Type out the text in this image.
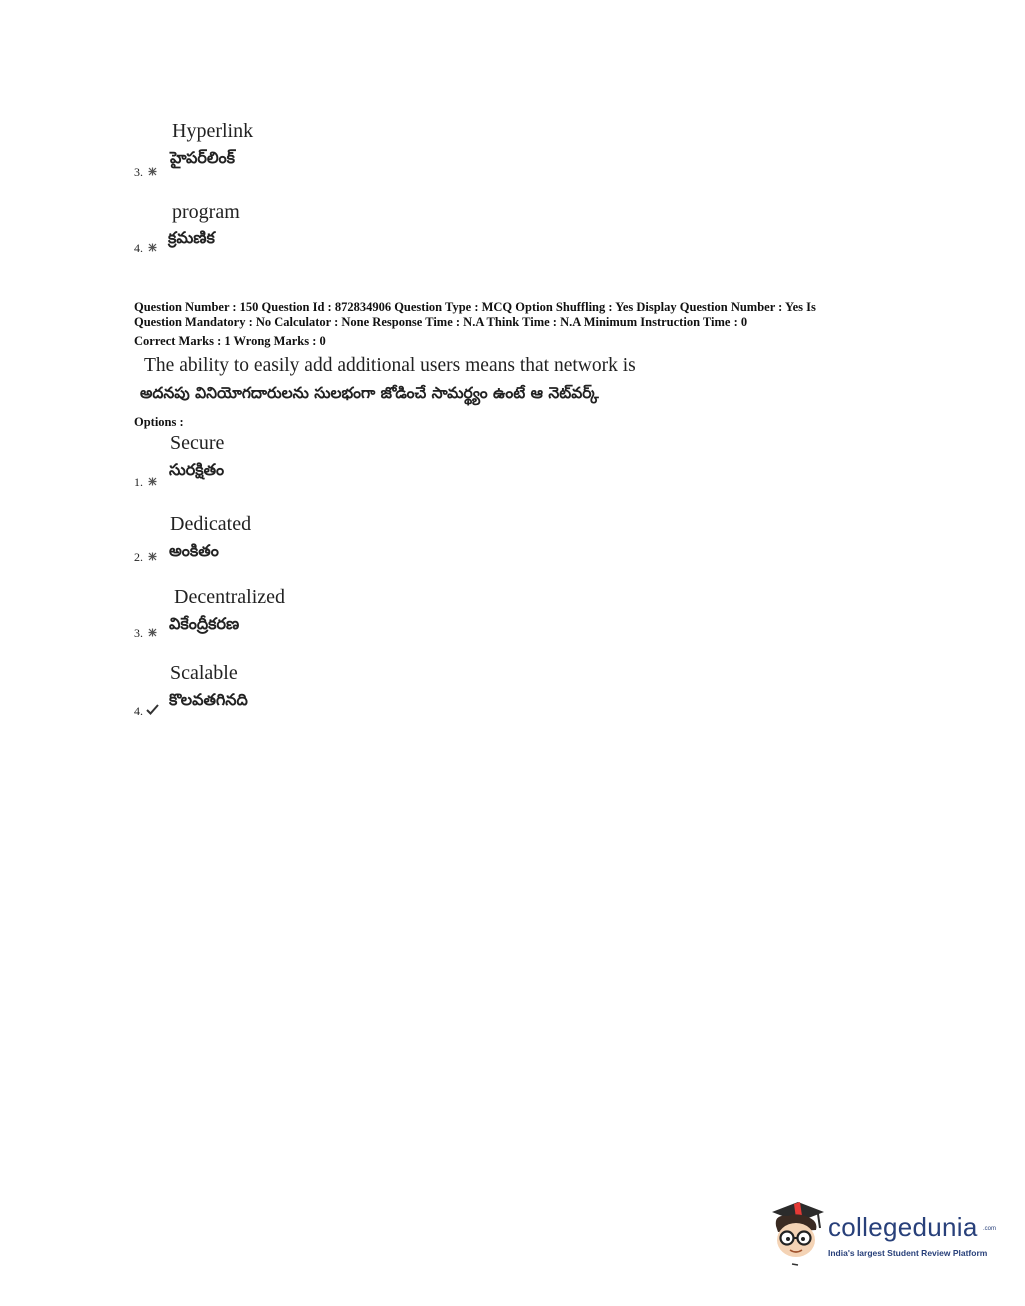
Hyperlink
హైపర్‌లింక్
3.
program
క్రమణిక
4.
Question Number : 150 Question Id : 872834906 Question Type : MCQ Option Shuffling : Yes Display Question Number : Yes Is
Question Mandatory : No Calculator : None Response Time : N.A Think Time : N.A Minimum Instruction Time : 0
Correct Marks : 1 Wrong Marks : 0
The ability to easily add additional users means that network is
అదనపు వినియోగదారులను సులభంగా జోడించే సామర్థ్యం ఉంటే ఆ నెట్‌వర్క్
Options :
Secure
సురక్షితం
1.
Dedicated
అంకితం
2.
Decentralized
వికేంద్రీకరణ
3.
Scalable
కొలవతగినది
4.
collegedunia .com
India's largest Student Review Platform
